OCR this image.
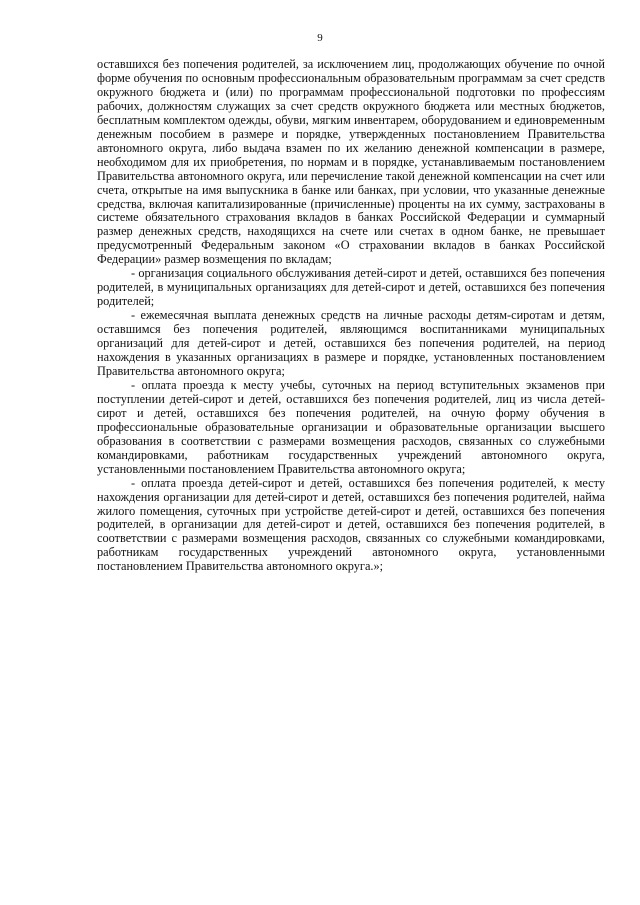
9

оставшихся без попечения родителей, за исключением лиц, продолжающих обучение по очной форме обучения по основным профессиональным образовательным программам за счет средств окружного бюджета и (или) по программам профессиональной подготовки по профессиям рабочих, должностям служащих за счет средств окружного бюджета или местных бюджетов, бесплатным комплектом одежды, обуви, мягким инвентарем, оборудованием и единовременным денежным пособием в размере и порядке, утвержденных постановлением Правительства автономного округа, либо выдача взамен по их желанию денежной компенсации в размере, необходимом для их приобретения, по нормам и в порядке, устанавливаемым постановлением Правительства автономного округа, или перечисление такой денежной компенсации на счет или счета, открытые на имя выпускника в банке или банках, при условии, что указанные денежные средства, включая капитализированные (причисленные) проценты на их сумму, застрахованы в системе обязательного страхования вкладов в банках Российской Федерации и суммарный размер денежных средств, находящихся на счете или счетах в одном банке, не превышает предусмотренный Федеральным законом «О страховании вкладов в банках Российской Федерации» размер возмещения по вкладам;

- организация социального обслуживания детей-сирот и детей, оставшихся без попечения родителей, в муниципальных организациях для детей-сирот и детей, оставшихся без попечения родителей;

- ежемесячная выплата денежных средств на личные расходы детям-сиротам и детям, оставшимся без попечения родителей, являющимся воспитанниками муниципальных организаций для детей-сирот и детей, оставшихся без попечения родителей, на период нахождения в указанных организациях в размере и порядке, установленных постановлением Правительства автономного округа;

- оплата проезда к месту учебы, суточных на период вступительных экзаменов при поступлении детей-сирот и детей, оставшихся без попечения родителей, лиц из числа детей-сирот и детей, оставшихся без попечения родителей, на очную форму обучения в профессиональные образовательные организации и образовательные организации высшего образования в соответствии с размерами возмещения расходов, связанных со служебными командировками, работникам государственных учреждений автономного округа, установленными постановлением Правительства автономного округа;

- оплата проезда детей-сирот и детей, оставшихся без попечения родителей, к месту нахождения организации для детей-сирот и детей, оставшихся без попечения родителей, найма жилого помещения, суточных при устройстве детей-сирот и детей, оставшихся без попечения родителей, в организации для детей-сирот и детей, оставшихся без попечения родителей, в соответствии с размерами возмещения расходов, связанных со служебными командировками, работникам государственных учреждений автономного округа, установленными постановлением Правительства автономного округа.»;
